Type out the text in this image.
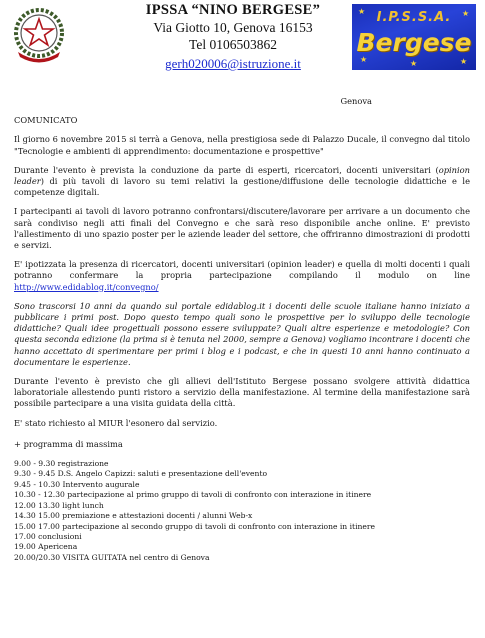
IPSSA “NINO BERGESE”
Via Giotto 10, Genova 16153
Tel 0106503862
gerh020006@istruzione.it
★	★
★	★
★
I.P.S.S.A.
Bergese
Genova
COMUNICATO

Il giorno 6 novembre 2015 si terrà a Genova, nella prestigiosa sede di Palazzo Ducale, il convegno dal titolo "Tecnologie e ambienti di apprendimento: documentazione e prospettive"

Durante l'evento è prevista la conduzione da parte di esperti, ricercatori, docenti universitari (opinion leader) di più tavoli di lavoro su temi relativi la gestione/diffusione delle tecnologie didattiche e le competenze digitali.

I partecipanti ai tavoli di lavoro potranno confrontarsi/discutere/lavorare per arrivare a un documento che sarà condiviso negli atti finali del Convegno e che sarà reso disponibile anche online. E' previsto l'allestimento di uno spazio poster per le aziende leader del settore, che offriranno dimostrazioni di prodotti e servizi.

E' ipotizzata la presenza di ricercatori, docenti universitari (opinion leader) e quella di molti docenti i quali potranno confermare la propria partecipazione compilando il modulo on line http://www.edidablog.it/convegno/

Sono trascorsi 10 anni da quando sul portale edidablog.it i docenti delle scuole italiane hanno iniziato a pubblicare i primi post. Dopo questo tempo quali sono le prospettive per lo sviluppo delle tecnologie didattiche? Quali idee progettuali possono essere sviluppate? Quali altre esperienze e metodologie? Con questa seconda edizione (la prima si è tenuta nel 2000, sempre a Genova) vogliamo incontrare i docenti che hanno accettato di sperimentare per primi i blog e i podcast, e che in questi 10 anni hanno continuato a documentare le esperienze.

Durante l'evento è previsto che gli allievi dell'Istituto Bergese possano svolgere attività didattica laboratoriale allestendo punti ristoro a servizio della manifestazione. Al termine della manifestazione sarà possibile partecipare a una visita guidata della città.

E' stato richiesto al MIUR l'esonero dal servizio.

+ programma di massima
9.00 - 9.30 registrazione
9.30 - 9.45 D.S. Angelo Capizzi: saluti e presentazione dell'evento
9.45 - 10.30 Intervento augurale
10.30 - 12.30 partecipazione al primo gruppo di tavoli di confronto con interazione in itinere
12.00 13.30 light lunch
14.30 15.00 premiazione e attestazioni docenti / alunni Web-x
15.00 17.00 partecipazione al secondo gruppo di tavoli di confronto con interazione in itinere
17.00 conclusioni
19.00 Apericena
20.00/20.30 VISITA GUITATA nel centro di Genova
